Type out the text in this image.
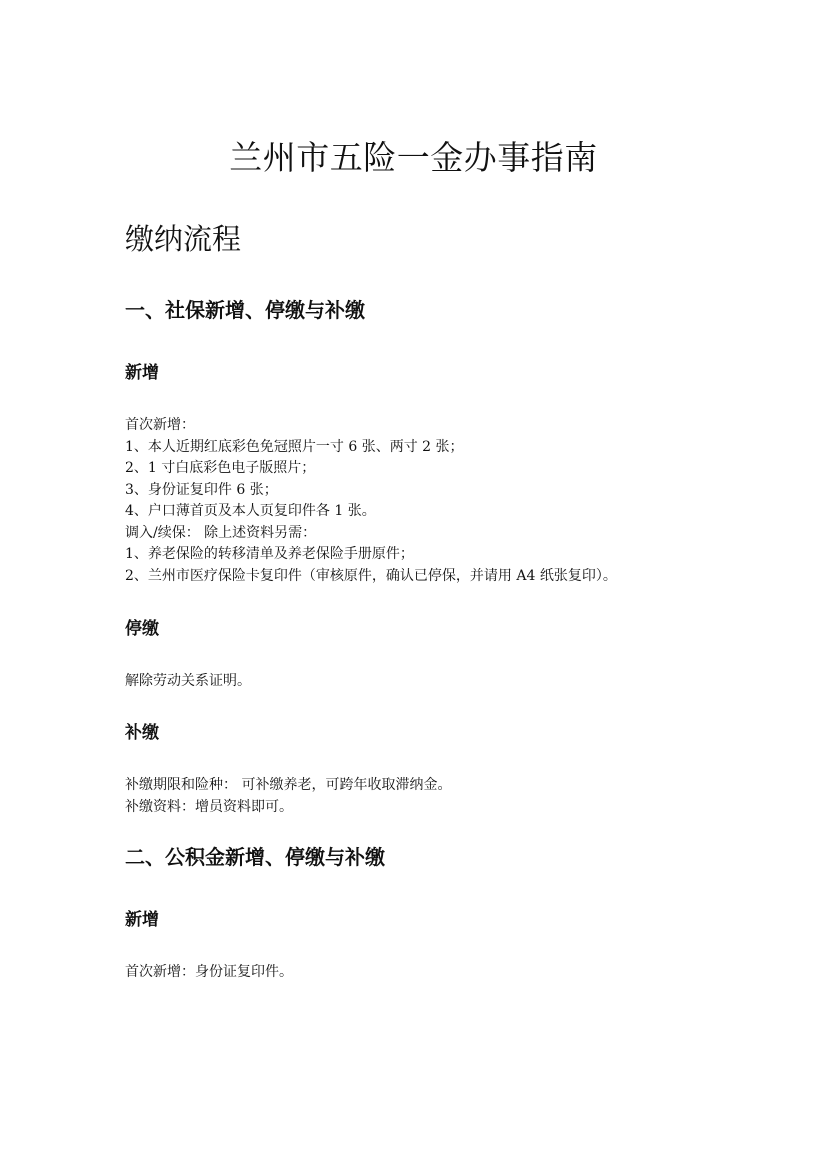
兰州市五险一金办事指南
缴纳流程
一、社保新增、停缴与补缴
新增

首次新增：
1、本人近期红底彩色免冠照片一寸 6 张、两寸 2 张；
2、1 寸白底彩色电子版照片；
3、身份证复印件 6 张；
4、户口薄首页及本人页复印件各 1 张。
调入/续保： 除上述资料另需：
1、养老保险的转移清单及养老保险手册原件；
2、兰州市医疗保险卡复印件（审核原件，确认已停保，并请用 A4 纸张复印）。

停缴

解除劳动关系证明。

补缴

补缴期限和险种： 可补缴养老，可跨年收取滞纳金。
补缴资料：增员资料即可。

二、公积金新增、停缴与补缴
新增

首次新增：身份证复印件。
